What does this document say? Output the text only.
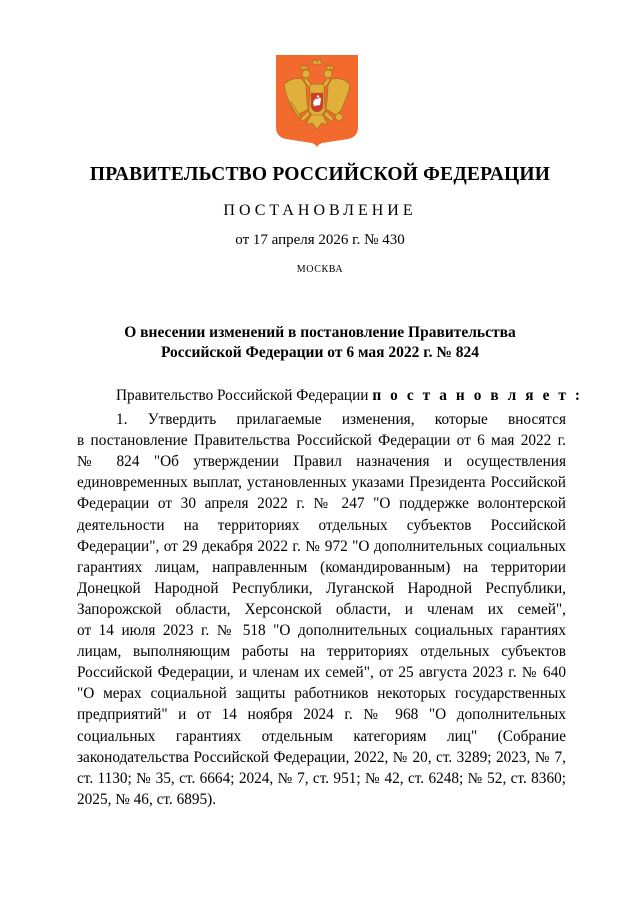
ПРАВИТЕЛЬСТВО РОССИЙСКОЙ ФЕДЕРАЦИИ
ПОСТАНОВЛЕНИЕ
от 17 апреля 2026 г. № 430
МОСКВА
О внесении изменений в постановление Правительства
Российской Федерации от 6 мая 2022 г. № 824
Правительство Российской Федерации п о с т а н о в л я е т :
1. Утвердить прилагаемые изменения, которые вносятся
в постановление Правительства Российской Федерации от 6 мая 2022 г.
№ 824 "Об утверждении Правил назначения и осуществления
единовременных выплат, установленных указами Президента Российской
Федерации от 30 апреля 2022 г. № 247 "О поддержке волонтерской
деятельности на территориях отдельных субъектов Российской
Федерации", от 29 декабря 2022 г. № 972 "О дополнительных социальных
гарантиях лицам, направленным (командированным) на территории
Донецкой Народной Республики, Луганской Народной Республики,
Запорожской области, Херсонской области, и членам их семей",
от 14 июля 2023 г. № 518 "О дополнительных социальных гарантиях
лицам, выполняющим работы на территориях отдельных субъектов
Российской Федерации, и членам их семей", от 25 августа 2023 г. № 640
"О мерах социальной защиты работников некоторых государственных
предприятий" и от 14 ноября 2024 г. № 968 "О дополнительных
социальных гарантиях отдельным категориям лиц" (Собрание
законодательства Российской Федерации, 2022, № 20, ст. 3289; 2023, № 7,
ст. 1130; № 35, ст. 6664; 2024, № 7, ст. 951; № 42, ст. 6248; № 52, ст. 8360;
2025, № 46, ст. 6895).
